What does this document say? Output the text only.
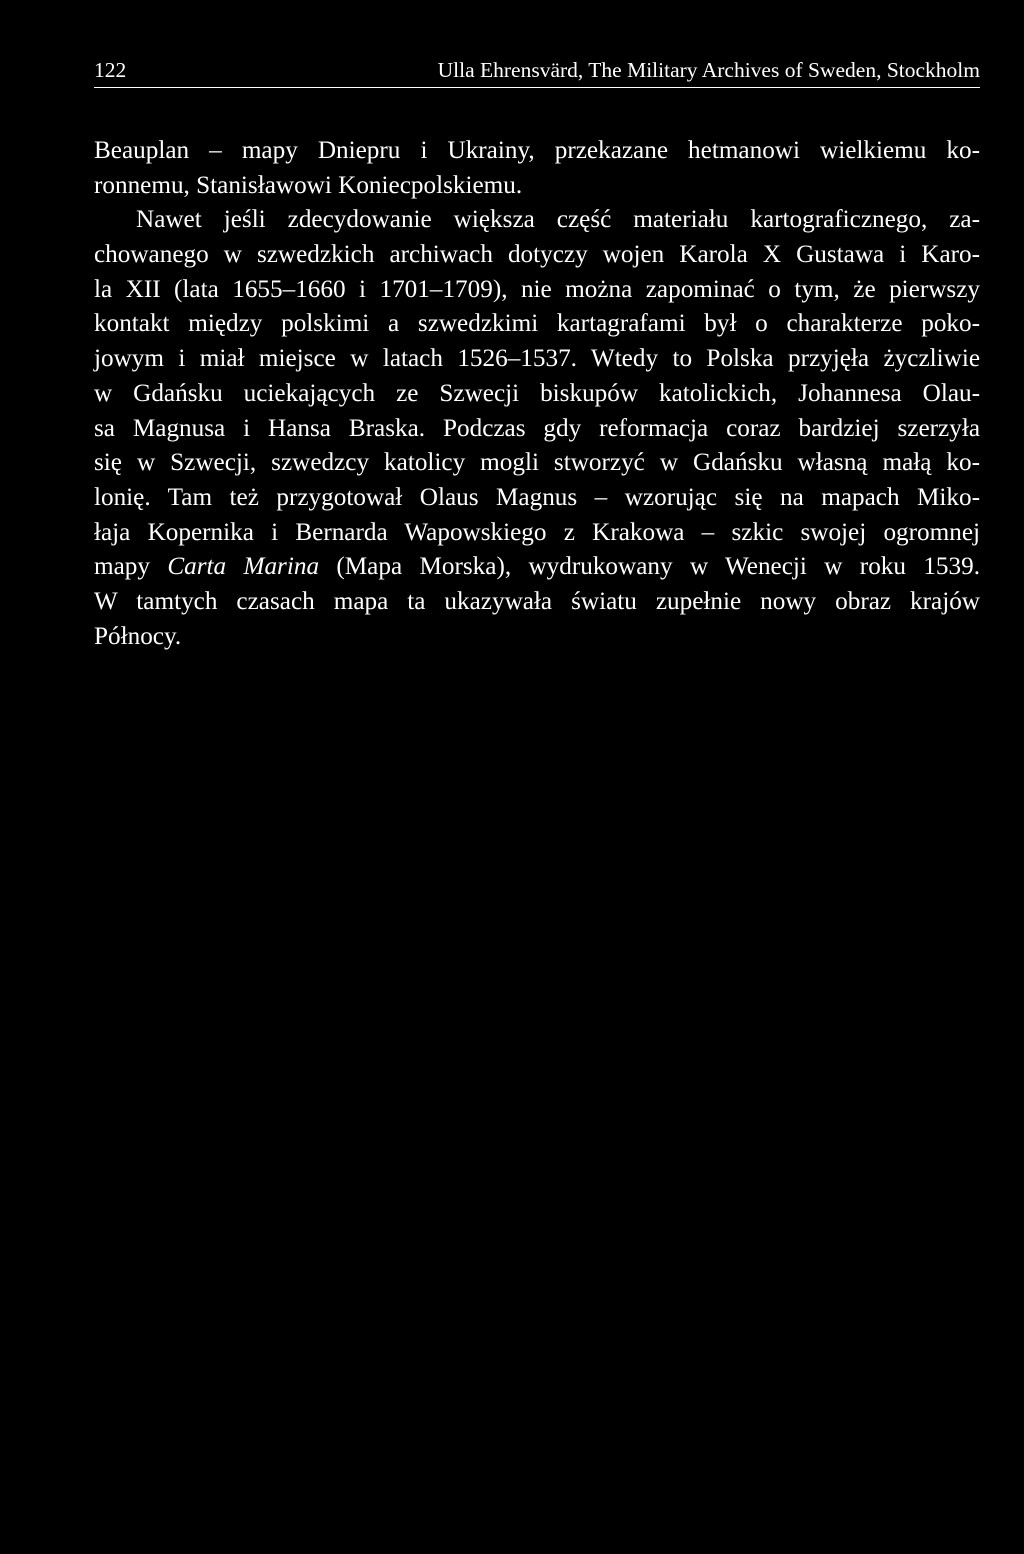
122	Ulla Ehrensvärd, The Military Archives of Sweden, Stockholm
Beauplan – mapy Dniepru i Ukrainy, przekazane hetmanowi wielkiemu ko-
ronnemu, Stanisławowi Koniecpolskiemu.
Nawet jeśli zdecydowanie większa część materiału kartograficznego, za-
chowanego w szwedzkich archiwach dotyczy wojen Karola X Gustawa i Karo-
la XII (lata 1655–1660 i 1701–1709), nie można zapominać o tym, że pierwszy
kontakt między polskimi a szwedzkimi kartagrafami był o charakterze poko-
jowym i miał miejsce w latach 1526–1537. Wtedy to Polska przyjęła życzliwie
w Gdańsku uciekających ze Szwecji biskupów katolickich, Johannesa Olau-
sa Magnusa i Hansa Braska. Podczas gdy reformacja coraz bardziej szerzyła
się w Szwecji, szwedzcy katolicy mogli stworzyć w Gdańsku własną małą ko-
lonię. Tam też przygotował Olaus Magnus – wzorując się na mapach Miko-
łaja Kopernika i Bernarda Wapowskiego z Krakowa – szkic swojej ogromnej
mapy Carta Marina (Mapa Morska), wydrukowany w Wenecji w roku 1539.
W tamtych czasach mapa ta ukazywała światu zupełnie nowy obraz krajów
Północy.
